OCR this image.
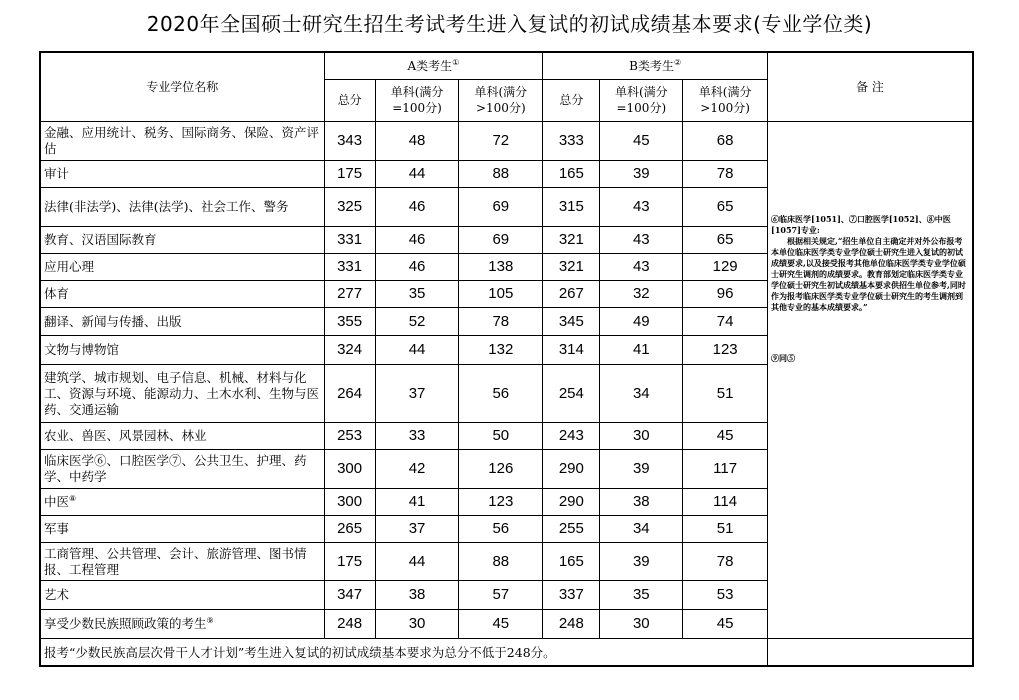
2020年全国硕士研究生招生考试考生进入复试的初试成绩基本要求(专业学位类)
专业学位名称	A类考生①			B类考生②			备 注
	总分	单科(满分=100分)	单科(满分>100分)	总分	单科(满分=100分)	单科(满分>100分)	
金融、应用统计、税务、国际商务、保险、资产评估	343	48	72	333	45	68	⑥临床医学[1051]、⑦口腔医学[1052]、⑧中医[1057]专业:

根据相关规定,“招生单位自主确定并对外公布报考本单位临床医学类专业学位硕士研究生进入复试的初试成绩要求,以及接受报考其他单位临床医学类专业学位硕士研究生调剂的成绩要求。教育部划定临床医学类专业学位硕士研究生初试成绩基本要求供招生单位参考,同时作为报考临床医学类专业学位硕士研究生的考生调剂到其他专业的基本成绩要求。”

⑨同⑤

审计	175	44	88	165	39	78	
法律(非法学)、法律(法学)、社会工作、警务	325	46	69	315	43	65	
教育、汉语国际教育	331	46	69	321	43	65	
应用心理	331	46	138	321	43	129	
体育	277	35	105	267	32	96	
翻译、新闻与传播、出版	355	52	78	345	49	74	
文物与博物馆	324	44	132	314	41	123	
建筑学、城市规划、电子信息、机械、材料与化工、资源与环境、能源动力、土木水利、生物与医药、交通运输	264	37	56	254	34	51	
农业、兽医、风景园林、林业	253	33	50	243	30	45	
临床医学⑥、口腔医学⑦、公共卫生、护理、药学、中药学	300	42	126	290	39	117	
中医⑧	300	41	123	290	38	114	
军事	265	37	56	255	34	51	
工商管理、公共管理、会计、旅游管理、图书情报、工程管理	175	44	88	165	39	78	
艺术	347	38	57	337	35	53	
享受少数民族照顾政策的考生⑨	248	30	45	248	30	45	
报考“少数民族高层次骨干人才计划”考生进入复试的初试成绩基本要求为总分不低于248分。							
